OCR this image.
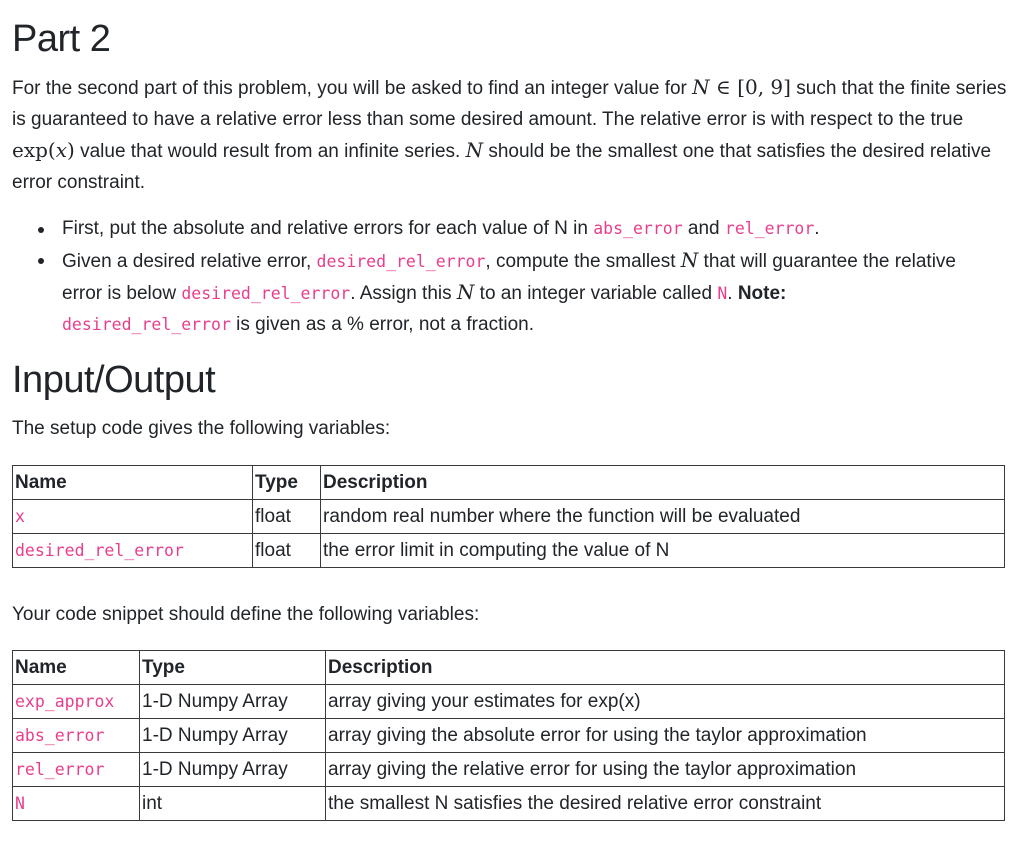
Part 2

For the second part of this problem, you will be asked to find an integer value for N ∈ [0, 9] such that the finite series is guaranteed to have a relative error less than some desired amount. The relative error is with respect to the true exp(x) value that would result from an infinite series. N should be the smallest one that satisfies the desired relative error constraint.

First, put the absolute and relative errors for each value of N in abs_error and rel_error.
Given a desired relative error, desired_rel_error, compute the smallest N that will guarantee the relative error is below desired_rel_error. Assign this N to an integer variable called N. Note:
desired_rel_error is given as a % error, not a fraction.
Input/Output

The setup code gives the following variables:

Name	Type	Description
x	float	random real number where the function will be evaluated
desired_rel_error	float	the error limit in computing the value of N

Your code snippet should define the following variables:

Name	Type	Description
exp_approx	1-D Numpy Array	array giving your estimates for exp(x)
abs_error	1-D Numpy Array	array giving the absolute error for using the taylor approximation
rel_error	1-D Numpy Array	array giving the relative error for using the taylor approximation
N	int	the smallest N satisfies the desired relative error constraint
